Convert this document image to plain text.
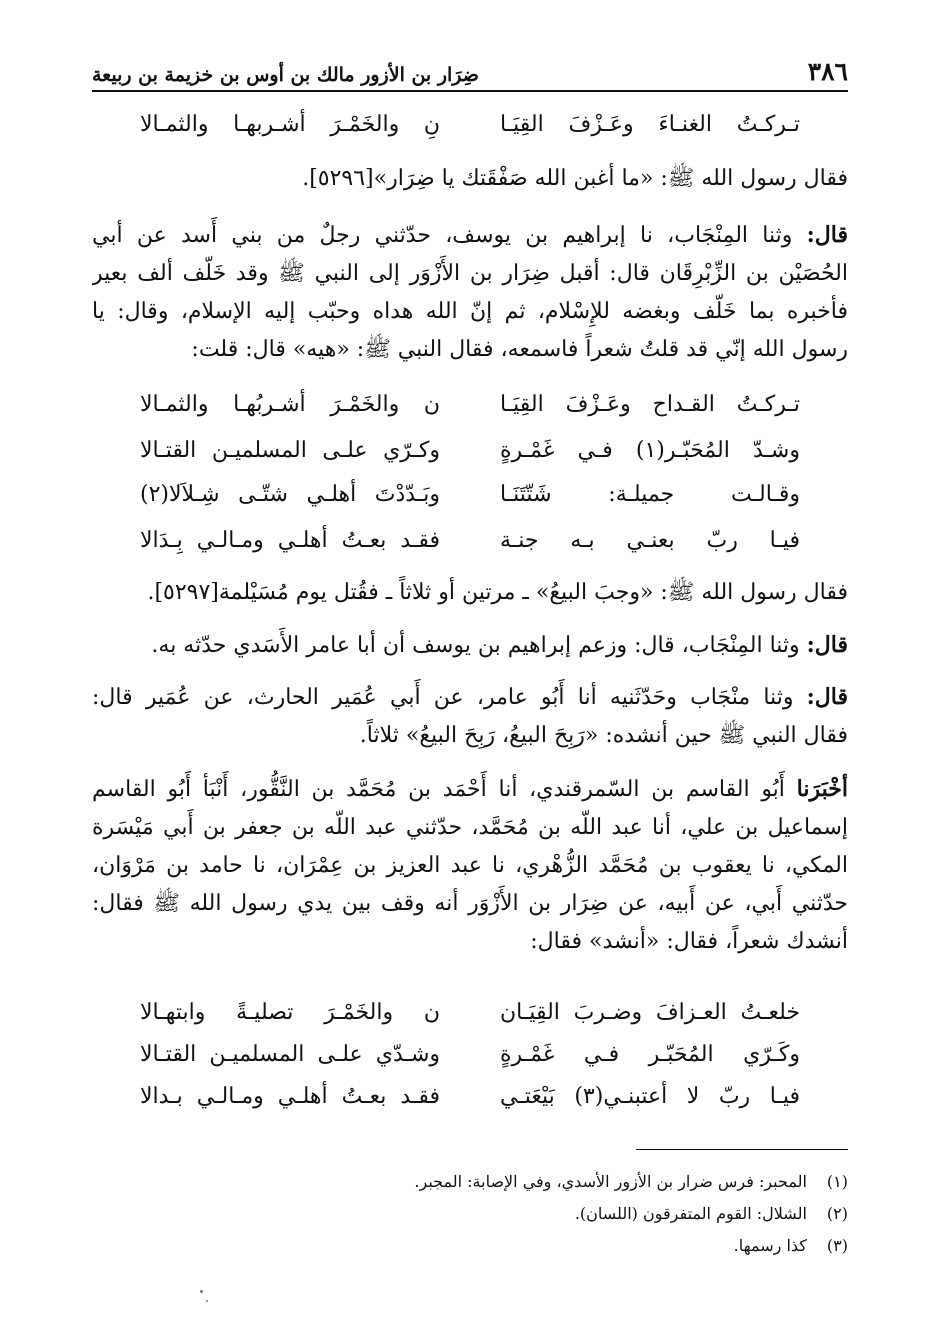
٣٨٦
ضِرَار بن الأزور مالك بن أوس بن خزيمة بن ربيعة
تـركـتُ الغنـاءَ وعَـزْفَ القِيَـا
نِ والخَمْـرَ أشـربهـا والثمـالا
فقال رسول الله ﷺ: «ما أغبن الله صَفْقَتك يا ضِرَار»[٥٢٩٦].
قال: وثنا المِنْجَاب، نا إبراهيم بن يوسف، حدّثني رجلٌ من بني أَسد عن أبي
الحُصَيْن بن الزِّبْرِقَان قال: أقبل ضِرَار بن الأَزْوَر إلى النبي ﷺ وقد خَلّف ألف بعير
فأخبره بما خَلّف وبغضه للإِسْلام، ثم إنّ الله هداه وحبّب إليه الإسلام، وقال: يا
رسول الله إنّي قد قلتُ شعراً فاسمعه، فقال النبي ﷺ: «هيه» قال: قلت:
تـركـتُ القـداح وعَـزْفَ القِيَـا
ن والخَمْـرَ أشـربُهـا والثمـالا
وشـدّ المُحَبّـر(١) فـي غَمْـرةٍ
وكـرّي علـى المسلميـن القتـالا
وقـالـت جميلـة: شَتّتَنَـا
وبَـدّدْتَ أهلـي شتّـى شِـلاَلا(٢)
فيـا ربّ بعنـي بـه جنـة
فقـد بعـتُ أهلـي ومـالـي بِـدَالا
فقال رسول الله ﷺ: «وجبَ البيعُ» ـ مرتين أو ثلاثاً ـ فقُتل يوم مُسَيْلمة[٥٢٩٧].
قال: وثنا المِنْجَاب، قال: وزعم إبراهيم بن يوسف أن أبا عامر الأَسَدي حدّثه به.
قال: وثنا منْجَاب وحَدّثَنيه أنا أَبُو عامر، عن أَبي عُمَير الحارث، عن عُمَير قال:
فقال النبي ﷺ حين أنشده: «رَبِحَ البيعُ، رَبِحَ البيعُ» ثلاثاً.
أخْبَرَنا أَبُو القاسم بن السّمرقندي، أنا أَحْمَد بن مُحَمَّد بن النَّقُّور، أَنْبَأ أَبُو القاسم
إسماعيل بن علي، أنا عبد اللّه بن مُحَمَّد، حدّثني عبد اللّه بن جعفر بن أَبي مَيْسَرة
المكي، نا يعقوب بن مُحَمَّد الزُّهْري، نا عبد العزيز بن عِمْرَان، نا حامد بن مَرْوَان،
حدّثني أَبي، عن أَبيه، عن ضِرَار بن الأَزْوَر أنه وقف بين يدي رسول الله ﷺ فقال:
أنشدك شعراً، فقال: «أنشد» فقال:
خلعـتُ العـزافَ وضـربَ القِيَـان
ن والخَمْـرَ تصليـةً وابتهـالا
وكَـرّي المُحَبّـر فـي غَمْـرةٍ
وشـدّي علـى المسلميـن القتـالا
فيـا ربّ لا أعتبنـي(٣) بَيْعَتـي
فقـد بعـتُ أهلـي ومـالـي بـدالا
(١) المحبر: فرس ضرار بن الأزور الأسدي، وفي الإصابة: المجبر.
(٢) الشلال: القوم المتفرقون (اللسان).
(٣) كذا رسمها.
